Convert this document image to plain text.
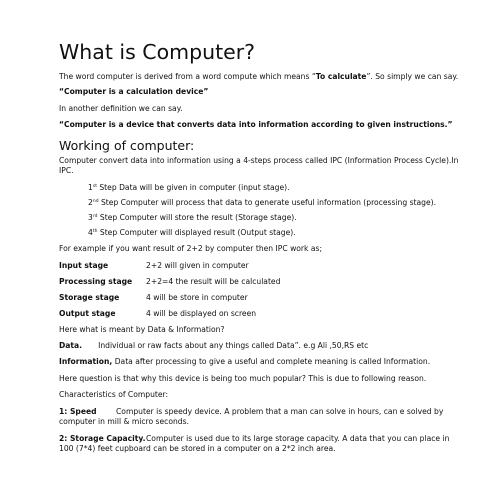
What is Computer?
The word computer is derived from a word compute which means “To calculate”. So simply we can say.
“Computer is a calculation device”
In another definition we can say.
“Computer is a device that converts data into information according to given instructions.”
Working of computer:
Computer convert data into information using a 4-steps process called IPC (Information Process Cycle).In
IPC.
1st Step Data will be given in computer (input stage).
2nd Step Computer will process that data to generate useful information (processing stage).
3rd Step Computer will store the result (Storage stage).
4th Step Computer will displayed result (Output stage).
For example if you want result of 2+2 by computer then IPC work as;
Input stage	2+2 will given in computer
Processing stage 2+2=4 the result will be calculated
Storage stage	4 will be store in computer
Output stage	4 will be displayed on screen
Here what is meant by Data & Information?
Data. Individual or raw facts about any things called Data”. e.g Ali ,50,RS etc
Information, Data after processing to give a useful and complete meaning is called Information.
Here question is that why this device is being too much popular? This is due to following reason.
Characteristics of Computer:
1: Speed	Computer is speedy device. A problem that a man can solve in hours, can e solved by
computer in mill & micro seconds.
2: Storage Capacity. Computer is used due to its large storage capacity. A data that you can place in
100 (7*4) feet cupboard can be stored in a computer on a 2*2 inch area.
